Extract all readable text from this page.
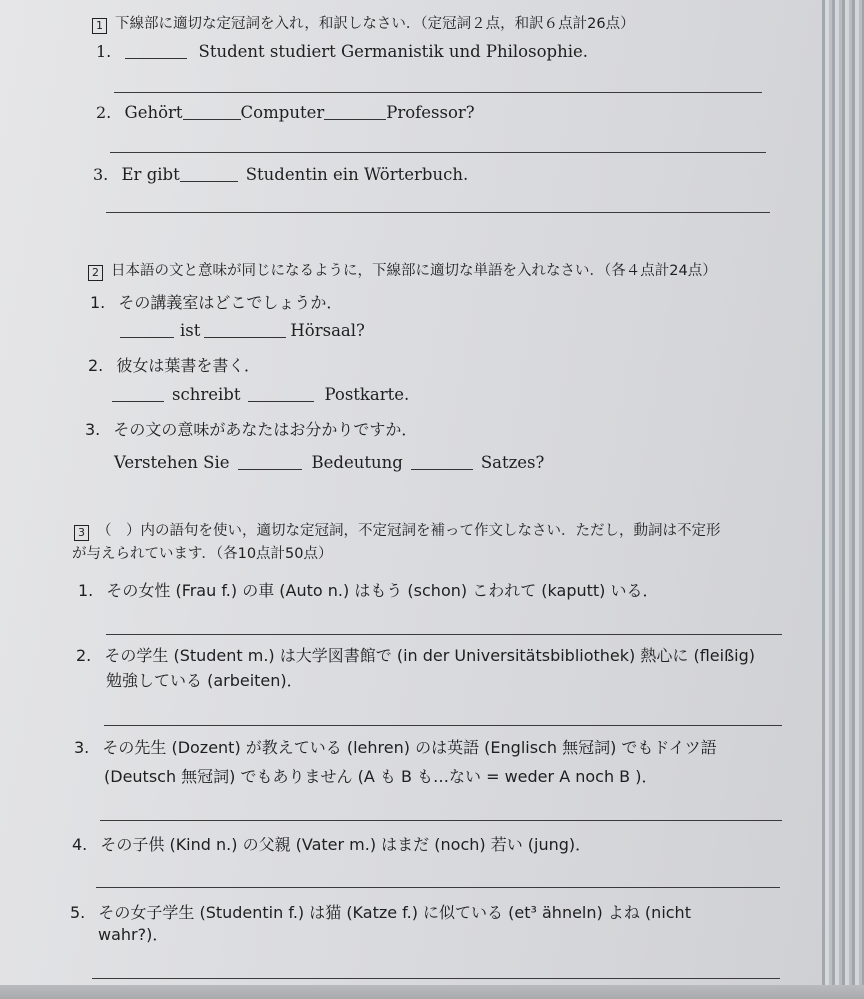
1 下線部に適切な定冠詞を入れ，和訳しなさい．（定冠詞２点，和訳６点計26点）
1.	Student studiert Germanistik und Philosophie.
2. Gehört	Computer	Professor?
3. Er gibt	Studentin ein Wörterbuch.
2 日本語の文と意味が同じになるように，下線部に適切な単語を入れなさい．（各４点計24点）
1. その講義室はどこでしょうか．
ist	Hörsaal?
2. 彼女は葉書を書く．
schreibt	Postkarte.
3. その文の意味があなたはお分かりですか．
Verstehen Sie	Bedeutung	Satzes?
3 （　）内の語句を使い，適切な定冠詞，不定冠詞を補って作文しなさい．ただし，動詞は不定形
が与えられています．（各10点計50点）
1. その女性 (Frau f.) の車 (Auto n.) はもう (schon) こわれて (kaputt) いる．
2. その学生 (Student m.) は大学図書館で (in der Universitätsbibliothek) 熱心に (fleißig)
勉強している (arbeiten)．
3. その先生 (Dozent) が教えている (lehren) のは英語 (Englisch 無冠詞) でもドイツ語
(Deutsch 無冠詞) でもありません (A も B も…ない = weder A noch B )．
4. その子供 (Kind n.) の父親 (Vater m.) はまだ (noch) 若い (jung)．
5. その女子学生 (Studentin f.) は猫 (Katze f.) に似ている (et³ ähneln) よね (nicht
wahr?)．
